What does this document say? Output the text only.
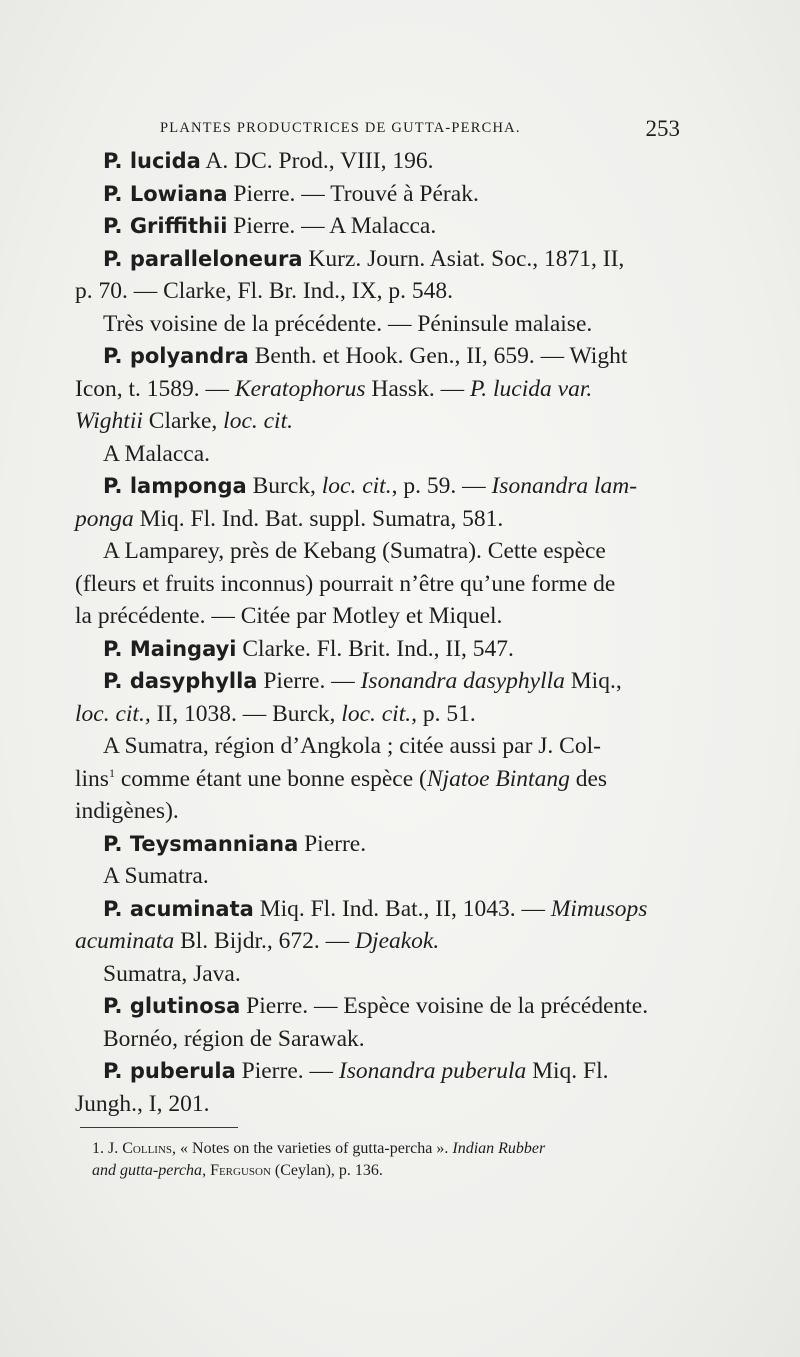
PLANTES PRODUCTRICES DE GUTTA-PERCHA.	253
P. lucida A. DC. Prod., VIII, 196.
P. Lowiana Pierre. — Trouvé à Pérak.
P. Griffithii Pierre. — A Malacca.
P. paralleloneura Kurz. Journ. Asiat. Soc., 1871, II,
p. 70. — Clarke, Fl. Br. Ind., IX, p. 548.
Très voisine de la précédente. — Péninsule malaise.
P. polyandra Benth. et Hook. Gen., II, 659. — Wight
Icon, t. 1589. — Keratophorus Hassk. — P. lucida var.
Wightii Clarke, loc. cit.
A Malacca.
P. lamponga Burck, loc. cit., p. 59. — Isonandra lam-
ponga Miq. Fl. Ind. Bat. suppl. Sumatra, 581.
A Lamparey, près de Kebang (Sumatra). Cette espèce
(fleurs et fruits inconnus) pourrait n’être qu’une forme de
la précédente. — Citée par Motley et Miquel.
P. Maingayi Clarke. Fl. Brit. Ind., II, 547.
P. dasyphylla Pierre. — Isonandra dasyphylla Miq.,
loc. cit., II, 1038. — Burck, loc. cit., p. 51.
A Sumatra, région d’Angkola ; citée aussi par J. Col-
lins$^1$ comme étant une bonne espèce (Njatoe Bintang des
indigènes).
P. Teysmanniana Pierre.
A Sumatra.
P. acuminata Miq. Fl. Ind. Bat., II, 1043. — Mimusops
acuminata Bl. Bijdr., 672. — Djeakok.
Sumatra, Java.
P. glutinosa Pierre. — Espèce voisine de la précédente.
Bornéo, région de Sarawak.
P. puberula Pierre. — Isonandra puberula Miq. Fl.
Jungh., I, 201.
1. J. Collins, « Notes on the varieties of gutta-percha ». Indian Rubber
and gutta-percha, Ferguson (Ceylan), p. 136.
